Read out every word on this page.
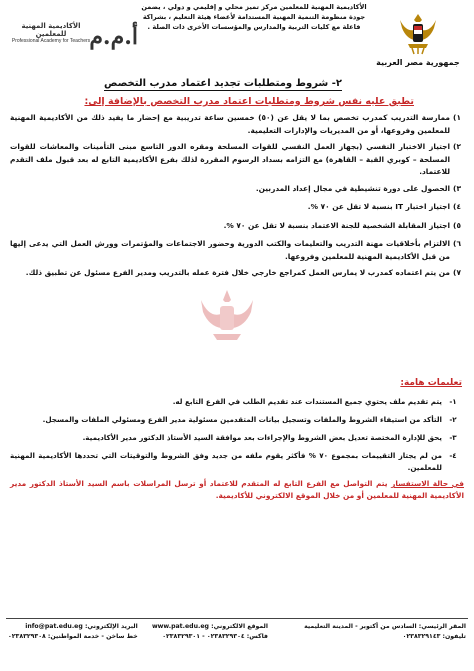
جمهورية مصر العربية
الأكاديمية المهنية للمعلمين مركز تميز محلي و إقليمي و دولي ، يضمن
جودة منظومة التنمية المهنية المستدامة لأعضاء هيئة التعليم ، بشراكة
فاعلة مع كليات التربية والمدارس والمؤسسات الأخرى ذات الصلة .
أ.م.م
الأكاديمية المهنية للمعلمين
Professional Academy for Teachers
٢- شروط ومتطلبات تجديد اعتماد مدرب التخصص
تطبق عليه نفس شروط ومتطلبات اعتماد مدرب التخصص بالإضافة إلى:
١)
ممارسة التدريب كمدرب تخصص بما لا يقل عن (٥٠) خمسين ساعة تدريبية مع إحضار ما يفيد ذلك من الأكاديمية المهنية للمعلمين وفروعها، أو من المديريات والإدارات التعليمية.
٢)
اجتياز الاختبار النفسي (بجهاز العمل النفسي للقوات المسلحة ومقره الدور التاسع مبنى التأمينات والمعاشات للقوات المسلحة – كوبري القبة – القاهرة) مع التزامه بسداد الرسوم المقررة لذلك بفرع الأكاديمية التابع له بعد قبول ملف التقدم للاعتماد.
٣)
الحصول على دورة تنشيطية في مجال إعداد المدربين.
٤)
اجتياز اختبار IT بنسبة لا تقل عن ٧٠ %.
٥)
اجتياز المقابلة الشخصية للجنة الاعتماد بنسبة لا تقل عن ٧٠ %.
٦)
الالتزام بأخلاقيات مهنة التدريب والتعليمات والكتب الدورية وحضور الاجتماعات والمؤتمرات وورش العمل التي يدعى إليها من قبل الأكاديمية المهنية للمعلمين وفروعها.
٧)
من يتم اعتماده كمدرب لا يمارس العمل كمراجع خارجي خلال فترة عمله بالتدريب ومدير الفرع مسئول عن تطبيق ذلك.
تعليمات هامة:
١-
يتم تقديم ملف يحتوي جميع المستندات عند تقديم الطلب في الفرع التابع له.
٢-
التأكد من استيفاء الشروط والملفات وتسجيل بيانات المتقدمين مسئولية مدير الفرع ومسئولي الملفات والمسجل.
٣-
يحق للإدارة المختصة تعديل بعض الشروط والإجراءات بعد موافقة السيد الأستاذ الدكتور مدير الأكاديمية.
٤-
من لم يجتاز التقييمات بمجموع ٧٠ % فأكثر يقوم ملفه من جديد وفق الشروط والتوقيتات التي تحددها الأكاديمية المهنية للمعلمين.
في حالة الاستفسار يتم التواصل مع الفرع التابع له المتقدم للاعتماد أو ترسل المراسلات باسم السيد الأستاذ الدكتور مدير الأكاديمية المهنية للمعلمين أو من خلال الموقع الالكتروني للأكاديمية.
المقر الرئيسي: السادس من أكتوبر - المدينة التعليمية
تليفون: ٠٢٣٨٣٢٩١٤٣
الموقع الالكتروني: www.pat.edu.eg
فاكس: ٠٢٣٨٣٢٩٣٠٤ - ٠٢٣٨٣٢٩٣٠١
البريد الإلكتروني: info@pat.edu.eg
خط ساخن - خدمة المواطنين: ٠٢٣٨٣٢٩٣٠٨
